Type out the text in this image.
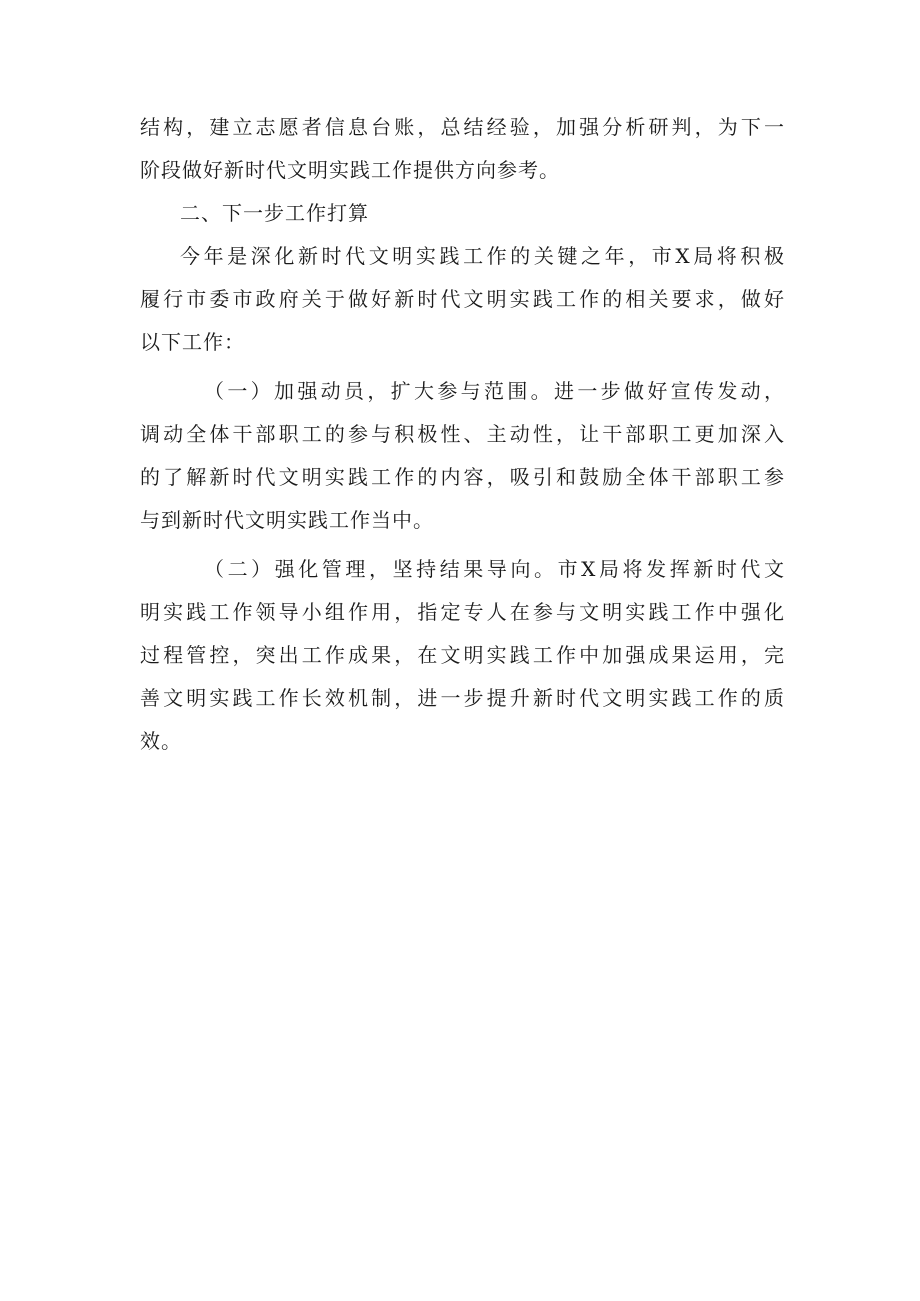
结构，建立志愿者信息台账，总结经验，加强分析研判，为下一
阶段做好新时代文明实践工作提供方向参考。
二、下一步工作打算
今年是深化新时代文明实践工作的关键之年，市X局将积极
履行市委市政府关于做好新时代文明实践工作的相关要求，做好
以下工作：
（一）加强动员，扩大参与范围。进一步做好宣传发动，
调动全体干部职工的参与积极性、主动性，让干部职工更加深入
的了解新时代文明实践工作的内容，吸引和鼓励全体干部职工参
与到新时代文明实践工作当中。
（二）强化管理，坚持结果导向。市X局将发挥新时代文
明实践工作领导小组作用，指定专人在参与文明实践工作中强化
过程管控，突出工作成果，在文明实践工作中加强成果运用，完
善文明实践工作长效机制，进一步提升新时代文明实践工作的质
效。
